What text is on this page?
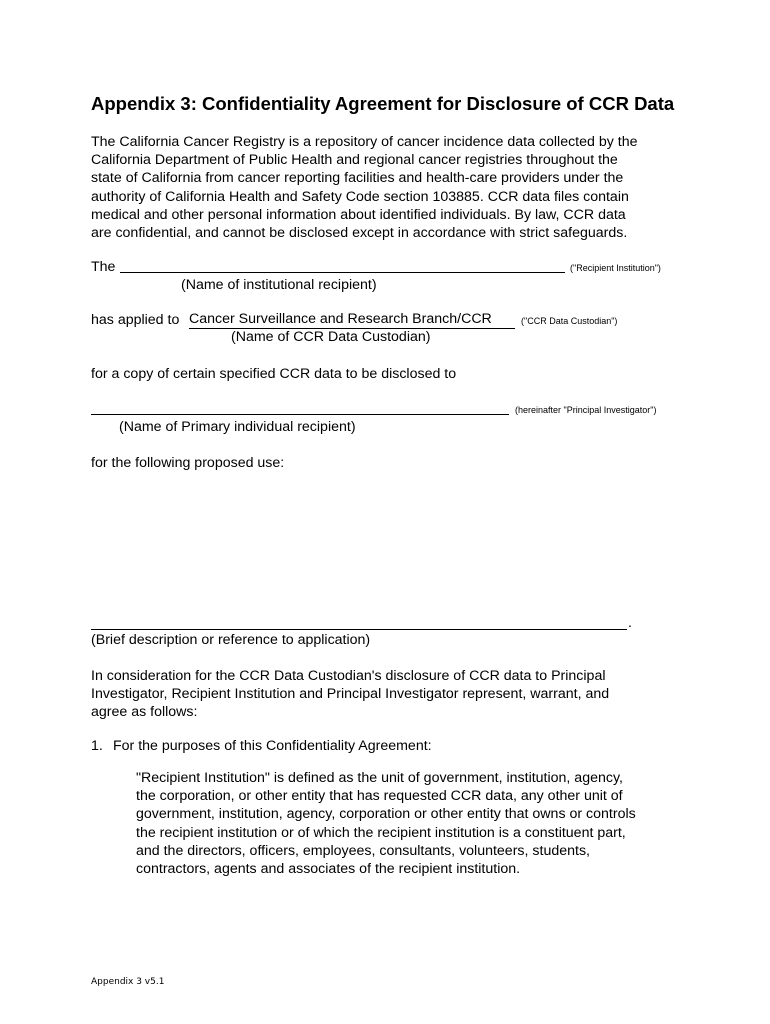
Appendix 3: Confidentiality Agreement for Disclosure of CCR Data
The California Cancer Registry is a repository of cancer incidence data collected by the
California Department of Public Health and regional cancer registries throughout the
state of California from cancer reporting facilities and health-care providers under the
authority of California Health and Safety Code section 103885. CCR data files contain
medical and other personal information about identified individuals. By law, CCR data
are confidential, and cannot be disclosed except in accordance with strict safeguards.
The	("Recipient Institution")
(Name of institutional recipient)
has applied to Cancer Surveillance and Research Branch/CCR	("CCR Data Custodian")
(Name of CCR Data Custodian)
for a copy of certain specified CCR data to be disclosed to
(hereinafter "Principal Investigator")
(Name of Primary individual recipient)
for the following proposed use:
.
(Brief description or reference to application)
In consideration for the CCR Data Custodian's disclosure of CCR data to Principal
Investigator, Recipient Institution and Principal Investigator represent, warrant, and
agree as follows:
1. For the purposes of this Confidentiality Agreement:
"Recipient Institution" is defined as the unit of government, institution, agency,
the corporation, or other entity that has requested CCR data, any other unit of
government, institution, agency, corporation or other entity that owns or controls
the recipient institution or of which the recipient institution is a constituent part,
and the directors, officers, employees, consultants, volunteers, students,
contractors, agents and associates of the recipient institution.
Appendix 3 v5.1
